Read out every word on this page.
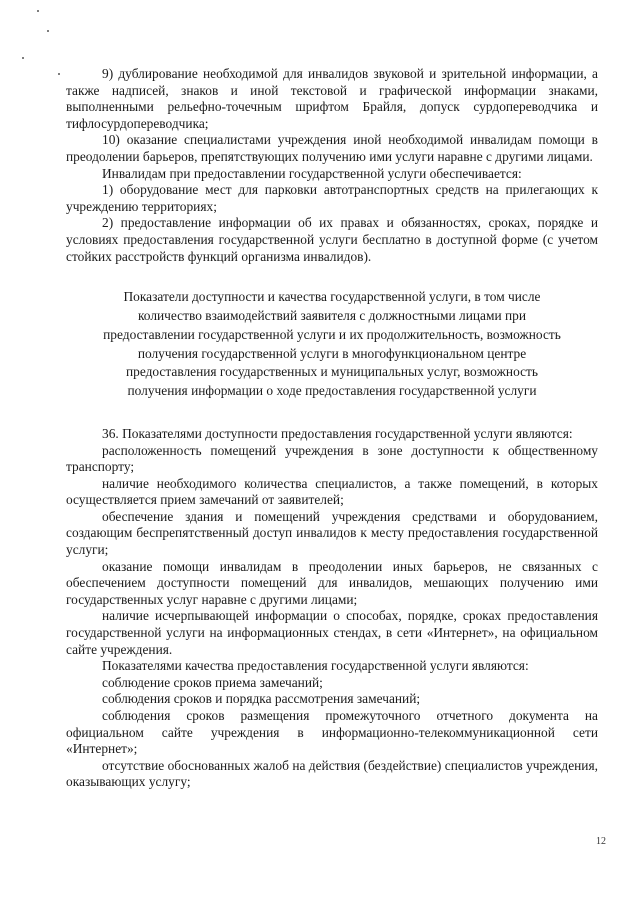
9) дублирование необходимой для инвалидов звуковой и зрительной информации, а также надписей, знаков и иной текстовой и графической информации знаками, выполненными рельефно-точечным шрифтом Брайля, допуск сурдопереводчика и тифлосурдопереводчика;

10) оказание специалистами учреждения иной необходимой инвалидам помощи в преодолении барьеров, препятствующих получению ими услуги наравне с другими лицами.

Инвалидам при предоставлении государственной услуги обеспечивается:

1) оборудование мест для парковки автотранспортных средств на прилегающих к учреждению территориях;

2) предоставление информации об их правах и обязанностях, сроках, порядке и условиях предоставления государственной услуги бесплатно в доступной форме (с учетом стойких расстройств функций организма инвалидов).

Показатели доступности и качества государственной услуги, в том числе
количество взаимодействий заявителя с должностными лицами при
предоставлении государственной услуги и их продолжительность, возможность
получения государственной услуги в многофункциональном центре
предоставления государственных и муниципальных услуг, возможность
получения информации о ходе предоставления государственной услуги

36. Показателями доступности предоставления государственной услуги являются:

расположенность помещений учреждения в зоне доступности к общественному транспорту;

наличие необходимого количества специалистов, а также помещений, в которых осуществляется прием замечаний от заявителей;

обеспечение здания и помещений учреждения средствами и оборудованием, создающим беспрепятственный доступ инвалидов к месту предоставления государственной услуги;

оказание помощи инвалидам в преодолении иных барьеров, не связанных с обеспечением доступности помещений для инвалидов, мешающих получению ими государственных услуг наравне с другими лицами;

наличие исчерпывающей информации о способах, порядке, сроках предоставления государственной услуги на информационных стендах, в сети «Интернет», на официальном сайте учреждения.

Показателями качества предоставления государственной услуги являются:

соблюдение сроков приема замечаний;

соблюдения сроков и порядка рассмотрения замечаний;

соблюдения сроков размещения промежуточного отчетного документа на официальном сайте учреждения в информационно-телекоммуникационной сети «Интернет»;

отсутствие обоснованных жалоб на действия (бездействие) специалистов учреждения, оказывающих услугу;

12
